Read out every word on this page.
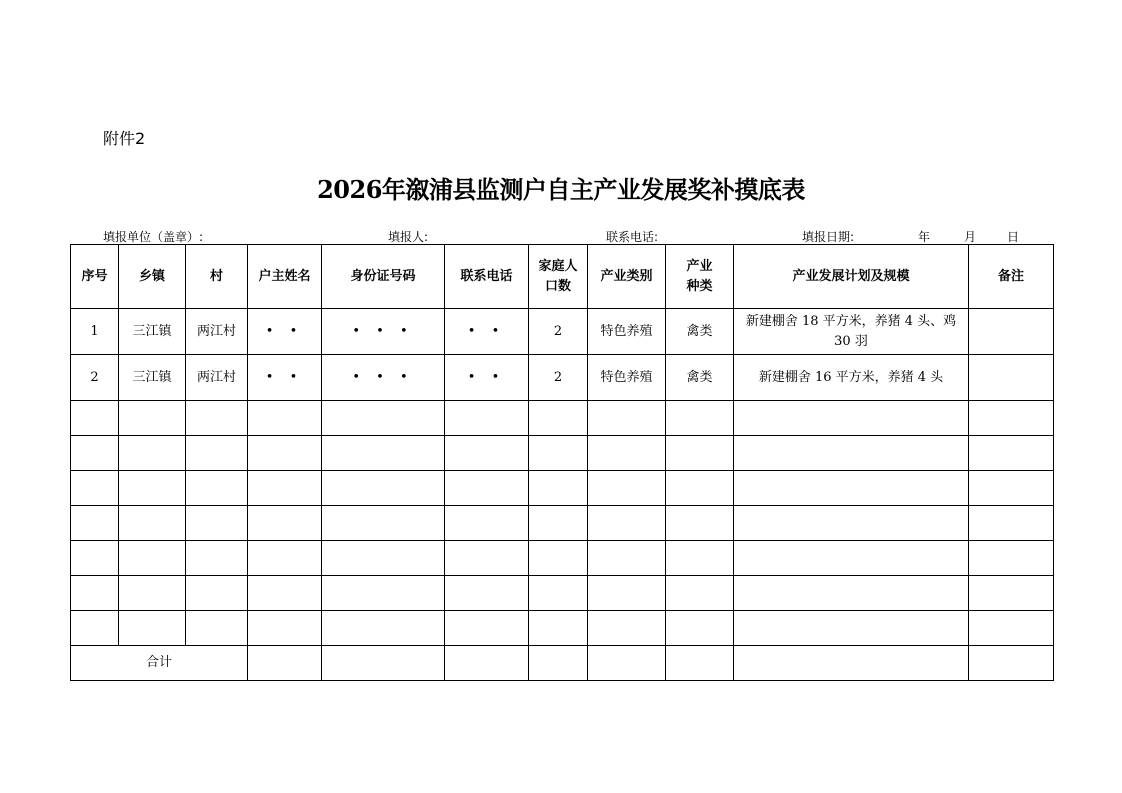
附件2
2026年溆浦县监测户自主产业发展奖补摸底表
填报单位（盖章）:	填报人:	联系电话:	填报日期:	年	月	日
序号	乡镇	村	户主姓名	身份证号码	联系电话	家庭人口数	产业类别	产业种类	产业发展计划及规模	备注
1	三江镇	两江村	• •	• • •	• •	2	特色养殖	禽类	新建棚舍 18 平方米，养猪 4 头、鸡 30 羽	
2	三江镇	两江村	• •	• • •	• •	2	特色养殖	禽类	新建棚舍 16 平方米，养猪 4 头	

合计										
